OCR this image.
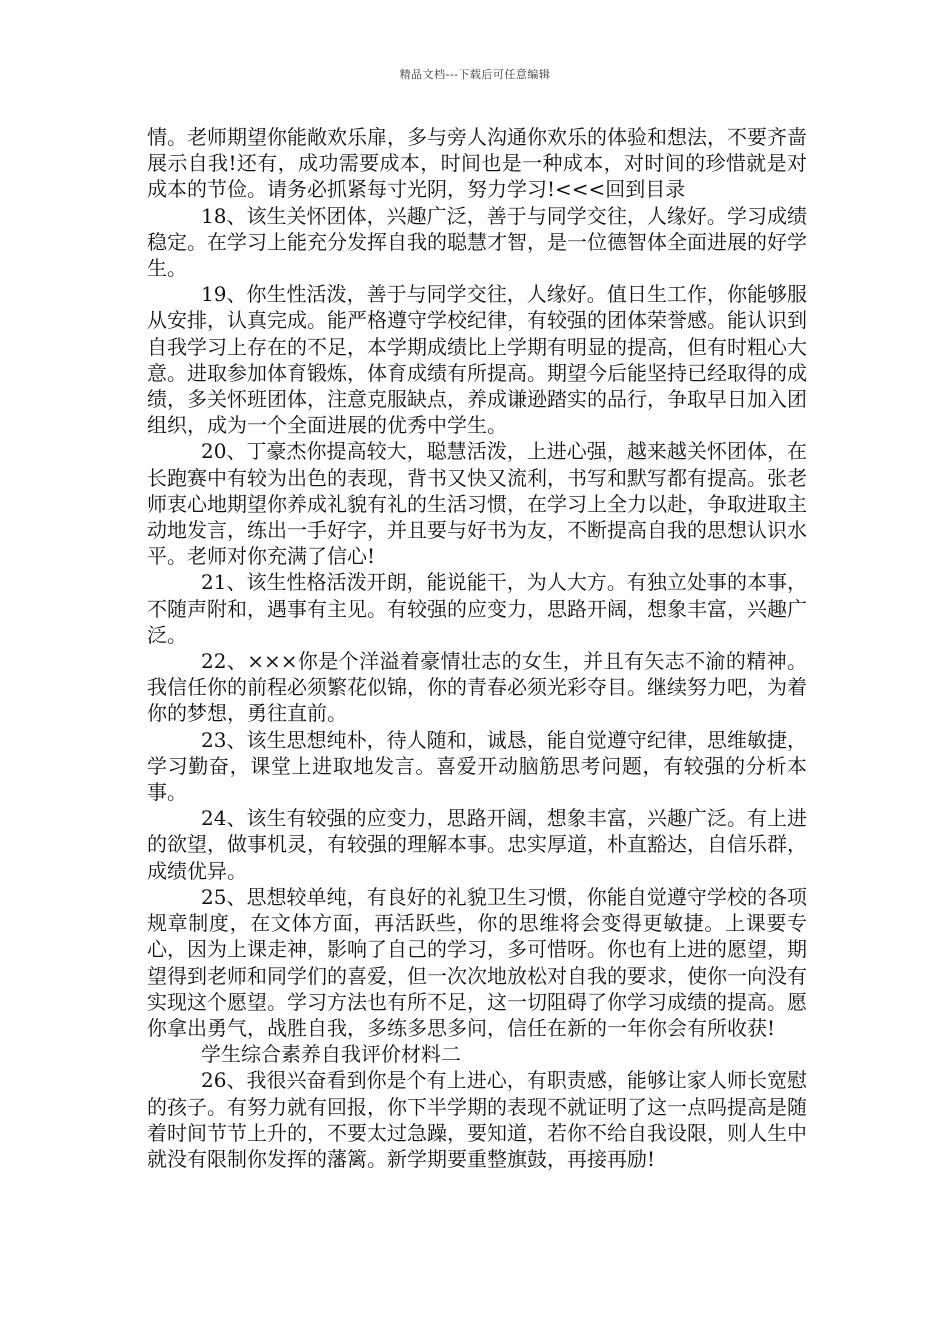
精品文档---下载后可任意编辑

情。老师期望你能敞欢乐扉，多与旁人沟通你欢乐的体验和想法，不要齐啬展示自我!还有，成功需要成本，时间也是一种成本，对时间的珍惜就是对成本的节俭。请务必抓紧每寸光阴，努力学习!<<<回到目录

18、该生关怀团体，兴趣广泛，善于与同学交往，人缘好。学习成绩稳定。在学习上能充分发挥自我的聪慧才智，是一位德智体全面进展的好学生。

19、你生性活泼，善于与同学交往，人缘好。值日生工作，你能够服从安排，认真完成。能严格遵守学校纪律，有较强的团体荣誉感。能认识到自我学习上存在的不足，本学期成绩比上学期有明显的提高，但有时粗心大意。进取参加体育锻炼，体育成绩有所提高。期望今后能坚持已经取得的成绩，多关怀班团体，注意克服缺点，养成谦逊踏实的品行，争取早日加入团组织，成为一个全面进展的优秀中学生。

20、丁豪杰你提高较大，聪慧活泼，上进心强，越来越关怀团体，在长跑赛中有较为出色的表现，背书又快又流利，书写和默写都有提高。张老师衷心地期望你养成礼貌有礼的生活习惯，在学习上全力以赴，争取进取主动地发言，练出一手好字，并且要与好书为友，不断提高自我的思想认识水平。老师对你充满了信心!

21、该生性格活泼开朗，能说能干，为人大方。有独立处事的本事，不随声附和，遇事有主见。有较强的应变力，思路开阔，想象丰富，兴趣广泛。

22、×××你是个洋溢着豪情壮志的女生，并且有矢志不渝的精神。我信任你的前程必须繁花似锦，你的青春必须光彩夺目。继续努力吧，为着你的梦想，勇往直前。

23、该生思想纯朴，待人随和，诚恳，能自觉遵守纪律，思维敏捷，学习勤奋，课堂上进取地发言。喜爱开动脑筋思考问题，有较强的分析本事。

24、该生有较强的应变力，思路开阔，想象丰富，兴趣广泛。有上进的欲望，做事机灵，有较强的理解本事。忠实厚道，朴直豁达，自信乐群，成绩优异。

25、思想较单纯，有良好的礼貌卫生习惯，你能自觉遵守学校的各项规章制度，在文体方面，再活跃些，你的思维将会变得更敏捷。上课要专心，因为上课走神，影响了自己的学习，多可惜呀。你也有上进的愿望，期望得到老师和同学们的喜爱，但一次次地放松对自我的要求，使你一向没有实现这个愿望。学习方法也有所不足，这一切阻碍了你学习成绩的提高。愿你拿出勇气，战胜自我，多练多思多问，信任在新的一年你会有所收获!

学生综合素养自我评价材料二

26、我很兴奋看到你是个有上进心，有职责感，能够让家人师长宽慰的孩子。有努力就有回报，你下半学期的表现不就证明了这一点吗提高是随着时间节节上升的，不要太过急躁，要知道，若你不给自我设限，则人生中就没有限制你发挥的藩篱。新学期要重整旗鼓，再接再励!
